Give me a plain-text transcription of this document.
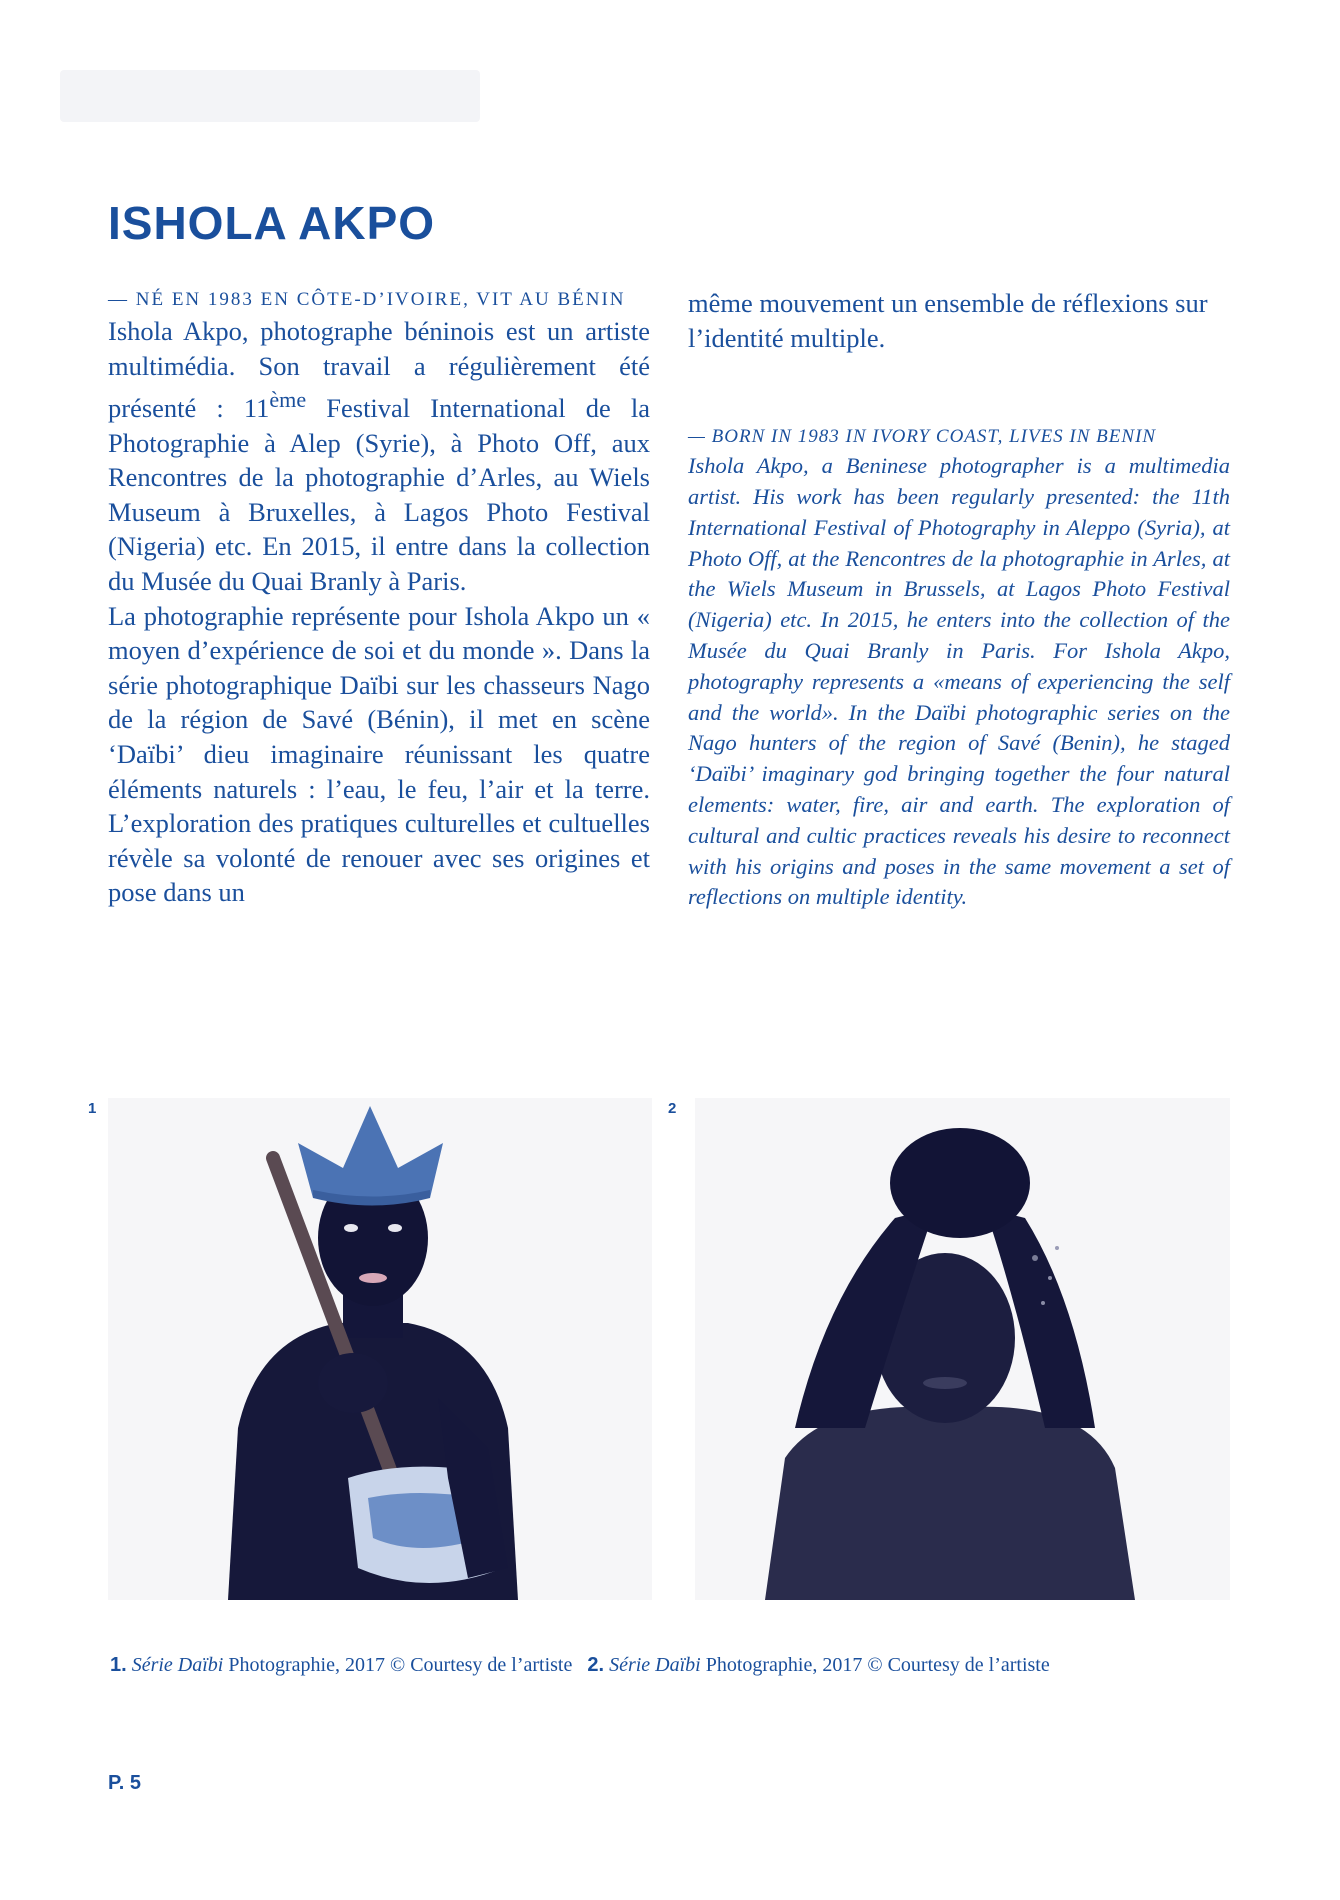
ISHOLA AKPO
— NÉ EN 1983 EN CÔTE-D’IVOIRE, VIT AU BÉNIN

Ishola Akpo, photographe béninois est un artiste multimédia. Son travail a régulièrement été présenté : 11ème Festival International de la Photographie à Alep (Syrie), à Photo Off, aux Rencontres de la photographie d’Arles, au Wiels Museum à Bruxelles, à Lagos Photo Festival (Nigeria) etc. En 2015, il entre dans la collection du Musée du Quai Branly à Paris.

La photographie représente pour Ishola Akpo un « moyen d’expérience de soi et du monde ». Dans la série photographique Daïbi sur les chasseurs Nago de la région de Savé (Bénin), il met en scène ‘Daïbi’ dieu imaginaire réunissant les quatre éléments naturels : l’eau, le feu, l’air et la terre. L’exploration des pratiques culturelles et cultuelles révèle sa volonté de renouer avec ses origines et pose dans un

même mouvement un ensemble de réflexions sur l’identité multiple.

— BORN IN 1983 IN IVORY COAST, LIVES IN BENIN

Ishola Akpo, a Beninese photographer is a multimedia artist. His work has been regularly presented: the 11th International Festival of Photography in Aleppo (Syria), at Photo Off, at the Rencontres de la photographie in Arles, at the Wiels Museum in Brussels, at Lagos Photo Festival (Nigeria) etc. In 2015, he enters into the collection of the Musée du Quai Branly in Paris. For Ishola Akpo, photography represents a «means of experiencing the self and the world». In the Daïbi photographic series on the Nago hunters of the region of Savé (Benin), he staged ‘Daïbi’ imaginary god bringing together the four natural elements: water, fire, air and earth. The exploration of cultural and cultic practices reveals his desire to reconnect with his origins and poses in the same movement a set of reflections on multiple identity.

1	2
1. Série Daïbi Photographie, 2017 © Courtesy de l’artiste 2. Série Daïbi Photographie, 2017 © Courtesy de l’artiste
P. 5
